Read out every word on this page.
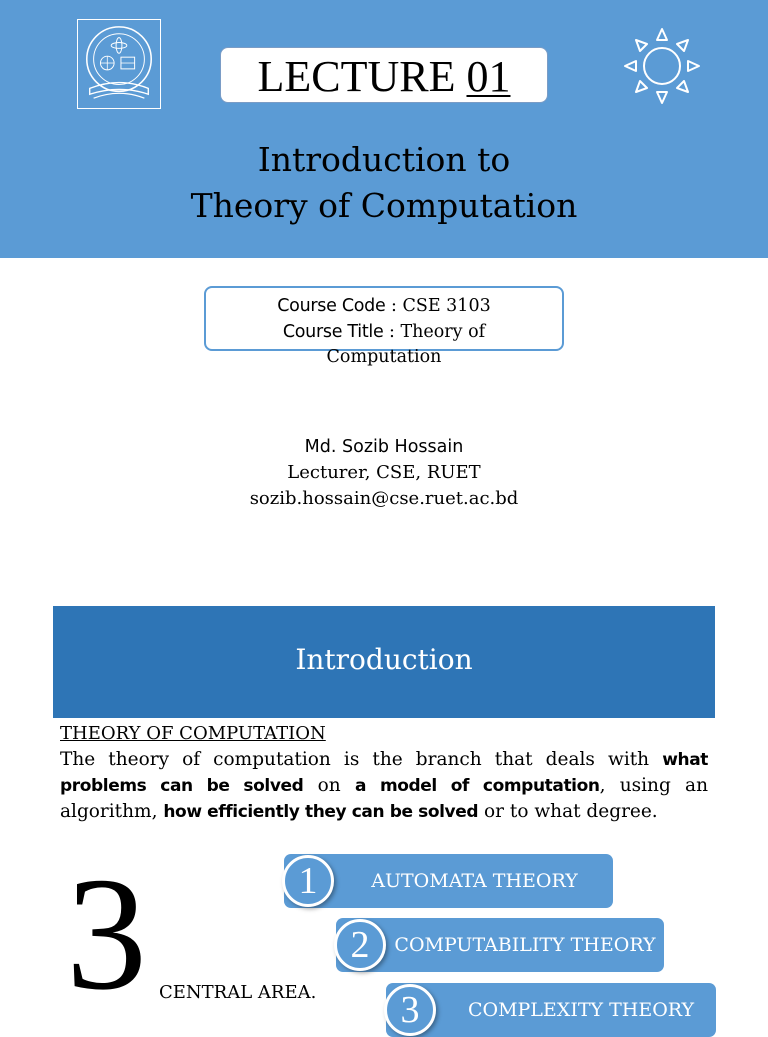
LECTURE 01
Introduction to
Theory of Computation
Course Code : CSE 3103
Course Title : Theory of
Computation
Md. Sozib Hossain
Lecturer, CSE, RUET
sozib.hossain@cse.ruet.ac.bd
Introduction
THEORY OF COMPUTATION
The theory of computation is the branch that deals with what problems can be solved on a model of computation, using an algorithm, how efficiently they can be solved or to what degree.
3 CENTRAL AREA.
1	AUTOMATA THEORY
2	COMPUTABILITY THEORY
3	COMPLEXITY THEORY
